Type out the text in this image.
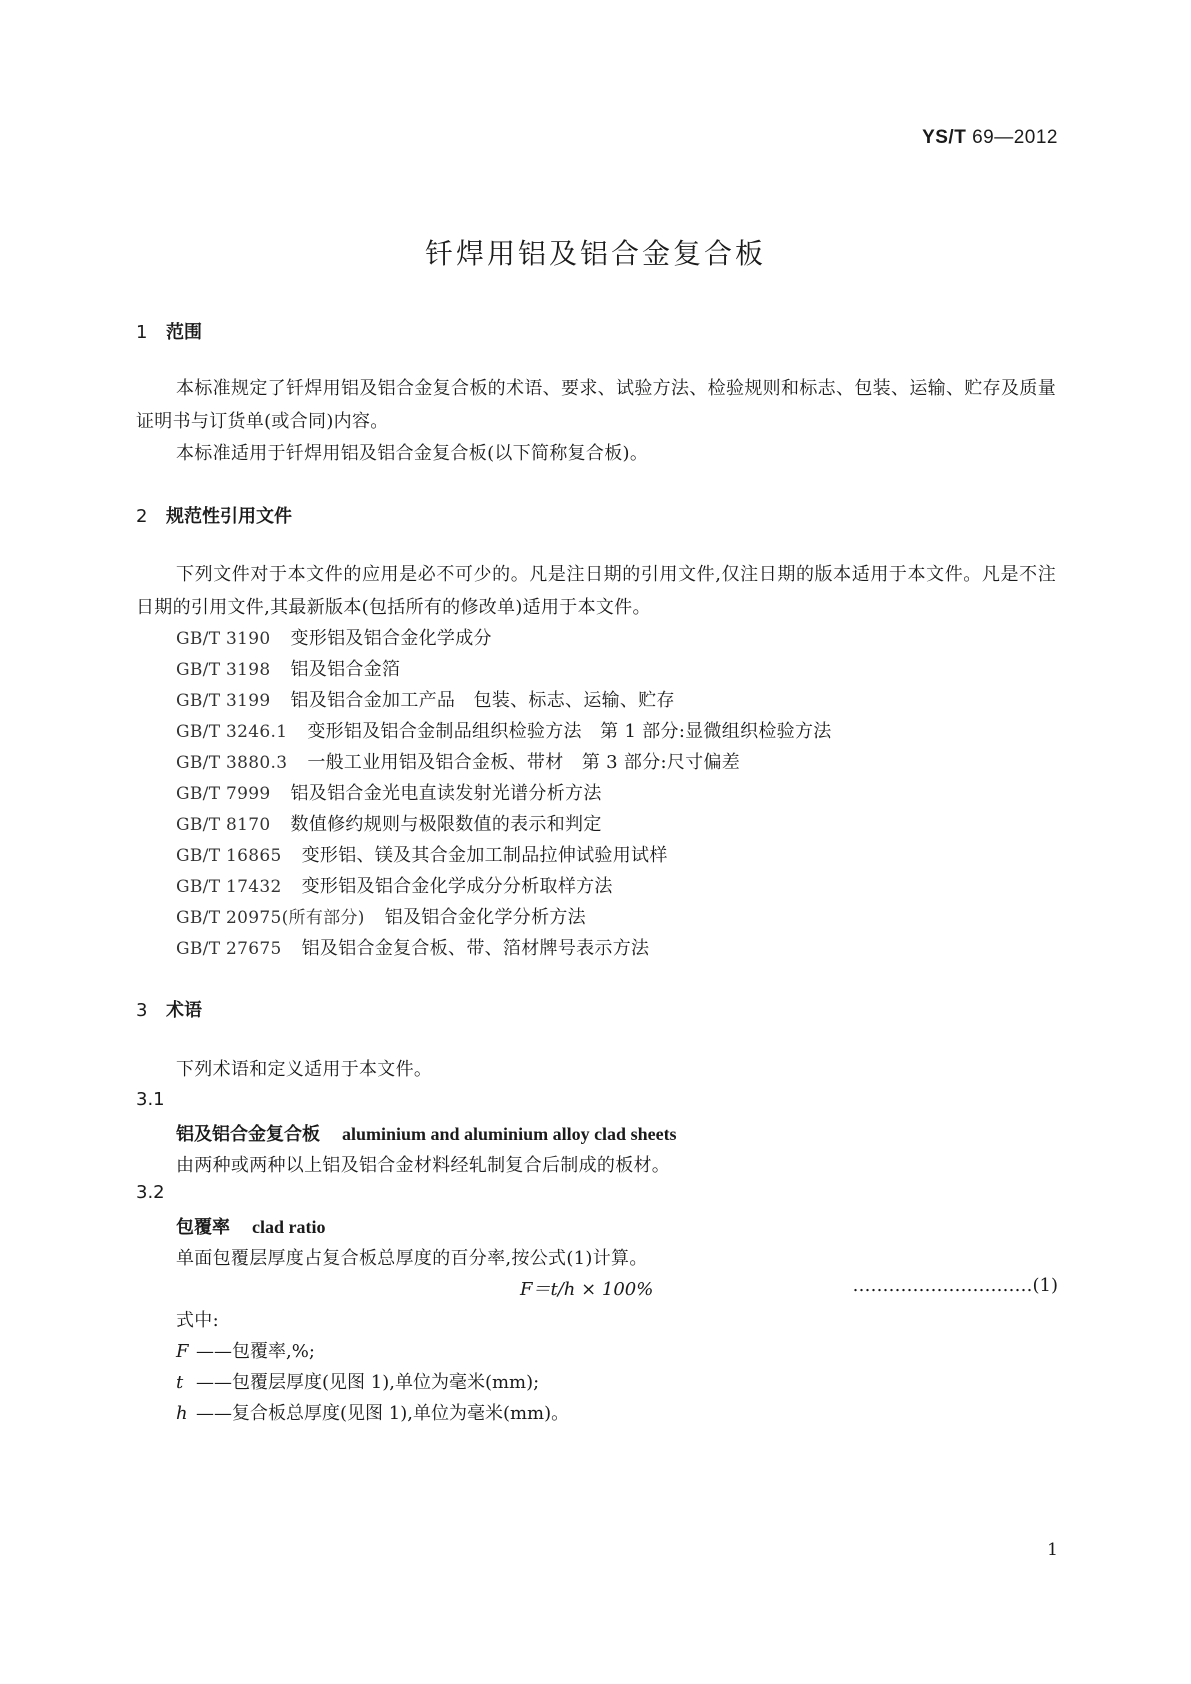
YS/T 69—2012
钎焊用铝及铝合金复合板
1 范围
本标准规定了钎焊用铝及铝合金复合板的术语、要求、试验方法、检验规则和标志、包装、运输、贮存及质量证明书与订货单(或合同)内容。
本标准适用于钎焊用铝及铝合金复合板(以下简称复合板)。
2 规范性引用文件
下列文件对于本文件的应用是必不可少的。凡是注日期的引用文件,仅注日期的版本适用于本文件。凡是不注日期的引用文件,其最新版本(包括所有的修改单)适用于本文件。
GB/T 3190 变形铝及铝合金化学成分
GB/T 3198 铝及铝合金箔
GB/T 3199 铝及铝合金加工产品　包装、标志、运输、贮存
GB/T 3246.1 变形铝及铝合金制品组织检验方法　第 1 部分:显微组织检验方法
GB/T 3880.3 一般工业用铝及铝合金板、带材　第 3 部分:尺寸偏差
GB/T 7999 铝及铝合金光电直读发射光谱分析方法
GB/T 8170 数值修约规则与极限数值的表示和判定
GB/T 16865 变形铝、镁及其合金加工制品拉伸试验用试样
GB/T 17432 变形铝及铝合金化学成分分析取样方法
GB/T 20975(所有部分) 铝及铝合金化学分析方法
GB/T 27675 铝及铝合金复合板、带、箔材牌号表示方法
3 术语
下列术语和定义适用于本文件。
3.1
铝及铝合金复合板 aluminium and aluminium alloy clad sheets
由两种或两种以上铝及铝合金材料经轧制复合后制成的板材。
3.2
包覆率 clad ratio
单面包覆层厚度占复合板总厚度的百分率,按公式(1)计算。
F＝t/h × 100%	…………………………(1)
式中:
F ——包覆率,%;
t ——包覆层厚度(见图 1),单位为毫米(mm);
h ——复合板总厚度(见图 1),单位为毫米(mm)。
1
